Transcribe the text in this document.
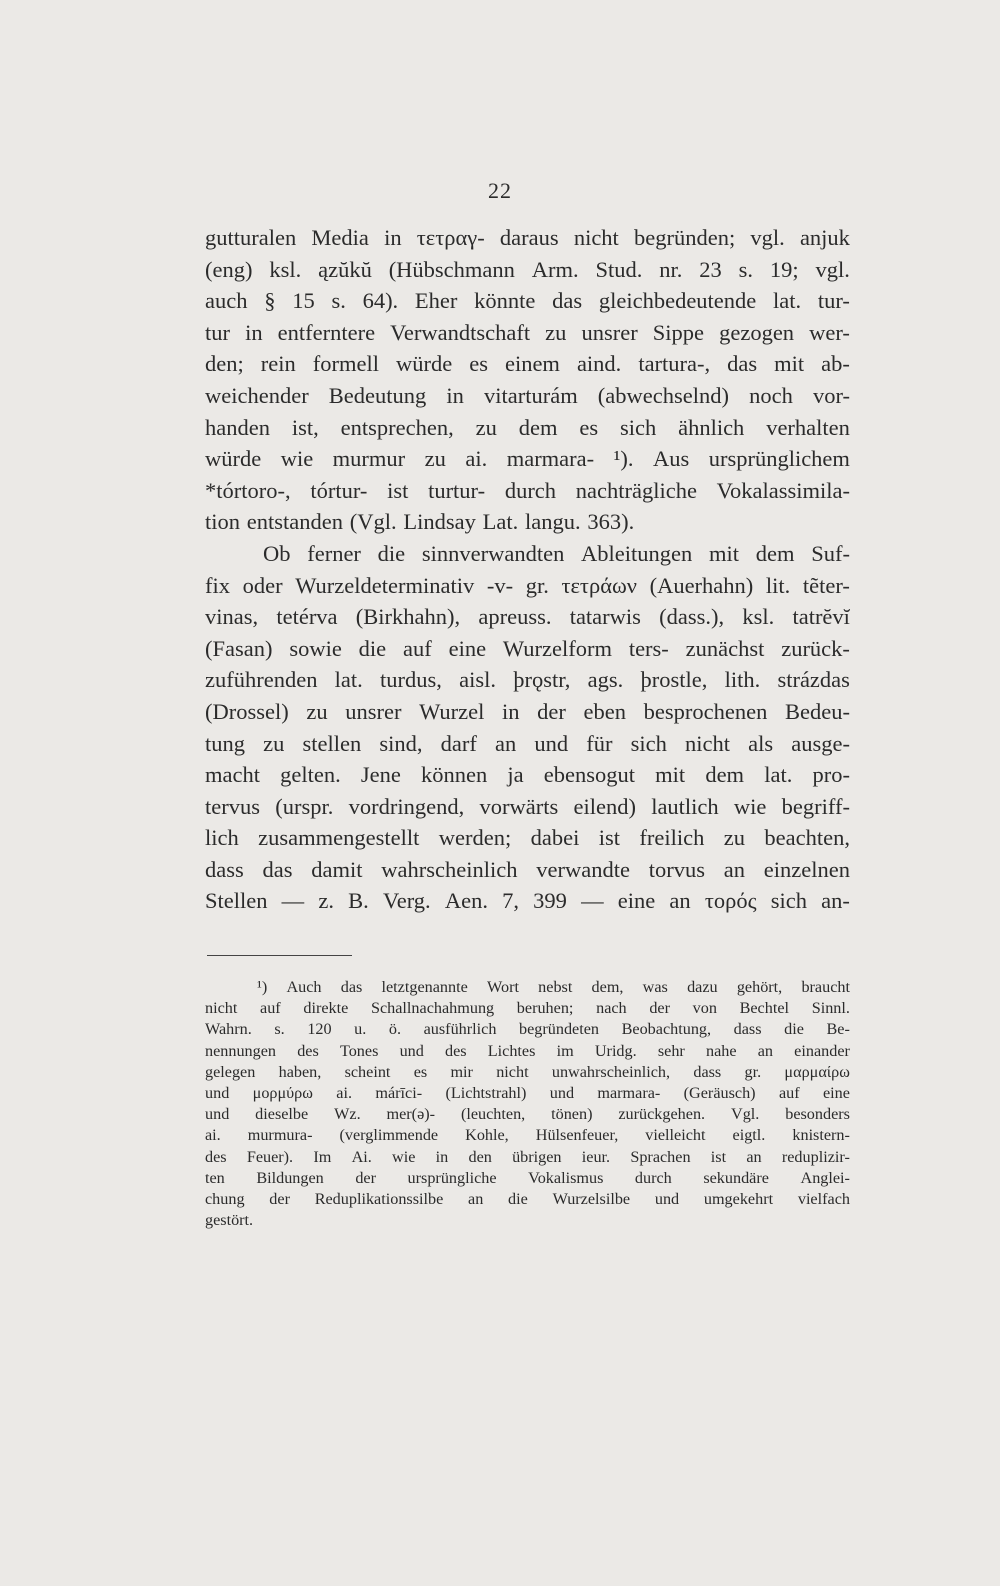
22
gutturalen Media in τετραγ- daraus nicht begründen; vgl. anjuk
(eng) ksl. ązŭkŭ (Hübschmann Arm. Stud. nr. 23 s. 19; vgl.
auch § 15 s. 64). Eher könnte das gleichbedeutende lat. tur-
tur in entferntere Verwandtschaft zu unsrer Sippe gezogen wer-
den; rein formell würde es einem aind. tartura-, das mit ab-
weichender Bedeutung in vitarturám (abwechselnd) noch vor-
handen ist, entsprechen, zu dem es sich ähnlich verhalten
würde wie murmur zu ai. marmara- ¹). Aus ursprünglichem
*tórtoro-, tórtur- ist turtur- durch nachträgliche Vokalassimila-
tion entstanden (Vgl. Lindsay Lat. langu. 363).
Ob ferner die sinnverwandten Ableitungen mit dem Suf-
fix oder Wurzeldeterminativ -v- gr. τετράων (Auerhahn) lit. tẽter-
vinas, tetérva (Birkhahn), apreuss. tatarwis (dass.), ksl. tatrĕvĭ
(Fasan) sowie die auf eine Wurzelform ters- zunächst zurück-
zuführenden lat. turdus, aisl. þrǫstr, ags. þrostle, lith. strázdas
(Drossel) zu unsrer Wurzel in der eben besprochenen Bedeu-
tung zu stellen sind, darf an und für sich nicht als ausge-
macht gelten. Jene können ja ebensogut mit dem lat. pro-
tervus (urspr. vordringend, vorwärts eilend) lautlich wie begriff-
lich zusammengestellt werden; dabei ist freilich zu beachten,
dass das damit wahrscheinlich verwandte torvus an einzelnen
Stellen — z. B. Verg. Aen. 7, 399 — eine an τορός sich an-
¹) Auch das letztgenannte Wort nebst dem, was dazu gehört, braucht
nicht auf direkte Schallnachahmung beruhen; nach der von Bechtel Sinnl.
Wahrn. s. 120 u. ö. ausführlich begründeten Beobachtung, dass die Be-
nennungen des Tones und des Lichtes im Uridg. sehr nahe an einander
gelegen haben, scheint es mir nicht unwahrscheinlich, dass gr. μαρμαίρω
und μορμύρω ai. márīci- (Lichtstrahl) und marmara- (Geräusch) auf eine
und dieselbe Wz. mer(ə)- (leuchten, tönen) zurückgehen. Vgl. besonders
ai. murmura- (verglimmende Kohle, Hülsenfeuer, vielleicht eigtl. knistern-
des Feuer). Im Ai. wie in den übrigen ieur. Sprachen ist an reduplizir-
ten Bildungen der ursprüngliche Vokalismus durch sekundäre Anglei-
chung der Reduplikationssilbe an die Wurzelsilbe und umgekehrt vielfach
gestört.
